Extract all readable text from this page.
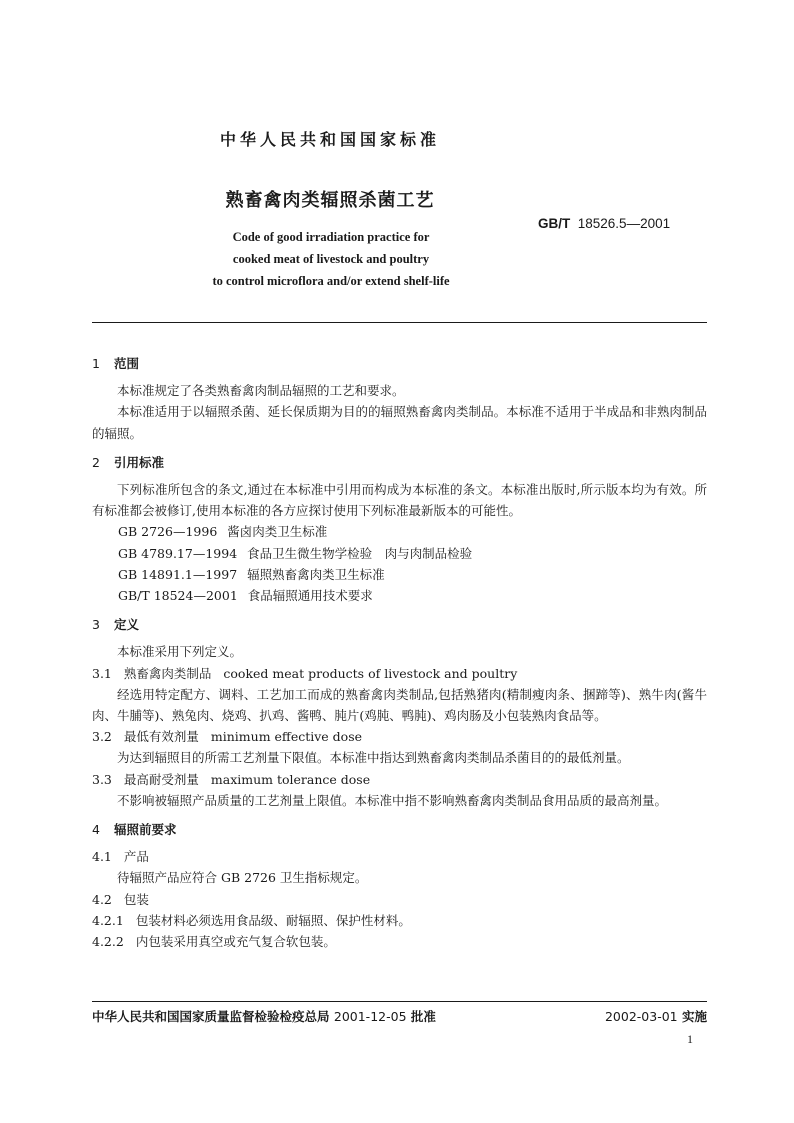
中华人民共和国国家标准
熟畜禽肉类辐照杀菌工艺
GB/T 18526.5—2001
Code of good irradiation practice for
cooked meat of livestock and poultry
to control microflora and/or extend shelf-life

1 范围

本标准规定了各类熟畜禽肉制品辐照的工艺和要求。

本标准适用于以辐照杀菌、延长保质期为目的的辐照熟畜禽肉类制品。本标准不适用于半成品和非熟肉制品的辐照。

2 引用标准

下列标准所包含的条文,通过在本标准中引用而构成为本标准的条文。本标准出版时,所示版本均为有效。所有标准都会被修订,使用本标准的各方应探讨使用下列标准最新版本的可能性。

GB 2726—1996 酱卤肉类卫生标准

GB 4789.17—1994 食品卫生微生物学检验　肉与肉制品检验

GB 14891.1—1997 辐照熟畜禽肉类卫生标准

GB/T 18524—2001 食品辐照通用技术要求

3 定义

本标准采用下列定义。

3.1 熟畜禽肉类制品 cooked meat products of livestock and poultry

经选用特定配方、调料、工艺加工而成的熟畜禽肉类制品,包括熟猪肉(精制瘦肉条、捆蹄等)、熟牛肉(酱牛肉、牛脯等)、熟兔肉、烧鸡、扒鸡、酱鸭、肫片(鸡肫、鸭肫)、鸡肉肠及小包装熟肉食品等。

3.2 最低有效剂量 minimum effective dose

为达到辐照目的所需工艺剂量下限值。本标准中指达到熟畜禽肉类制品杀菌目的的最低剂量。

3.3 最高耐受剂量 maximum tolerance dose

不影响被辐照产品质量的工艺剂量上限值。本标准中指不影响熟畜禽肉类制品食用品质的最高剂量。

4 辐照前要求

4.1 产品

待辐照产品应符合 GB 2726 卫生指标规定。

4.2 包装

4.2.1 包装材料必须选用食品级、耐辐照、保护性材料。

4.2.2 内包装采用真空或充气复合软包装。

中华人民共和国国家质量监督检验检疫总局 2001-12-05 批准	2002-03-01 实施
1
